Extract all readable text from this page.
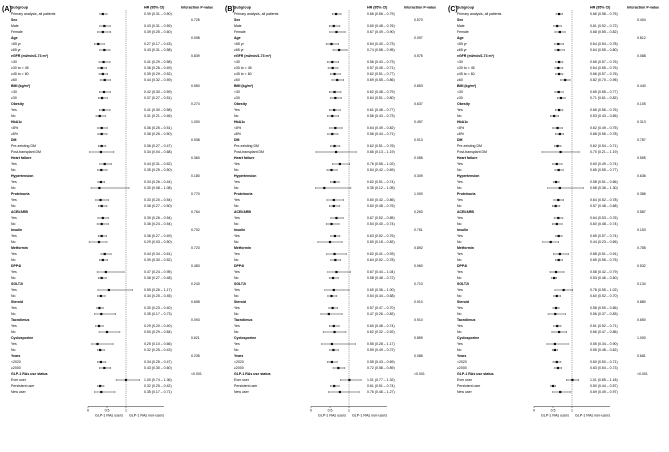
(A) Subgroup	HR (95% CI)	Interaction P-value
Primary analysis, all patients	0.39 (0.31 – 0.50)
Sex	0.725
Male	0.43 (0.31 – 0.59)
Female	0.39 (0.25 – 0.60)
Age	0.098
<65 yr	0.27 (0.17 – 0.43)
≥65 yr	0.43 (0.31 – 0.58)
eGFR (ml/min/1.73 m²)	0.839
<30	0.41 (0.29 – 0.58)
≥30 to < 45	0.36 (0.26 – 0.49)
≥45 to < 60	0.39 (0.29 – 0.52)
≥60	0.44 (0.32 – 0.59)
BMI (kg/m²)	0.550
<30	0.42 (0.30 – 0.59)
≥30	0.37 (0.27 – 0.51)
Obesity	0.274
Yes	0.41 (0.30 – 0.58)
No	0.31 (0.21 – 0.46)
HbA1c	1.000
<8%	0.36 (0.25 – 0.51)
≥8%	0.36 (0.26 – 0.50)
DM	0.938
Pre-existing DM	0.36 (0.27 – 0.47)
Post-transplant DM	0.34 (0.04 – 0.68)
Heart failure	0.360
Yes	0.44 (0.31 – 0.62)
No	0.35 (0.25 – 0.50)
Hypertension	0.180
Yes	0.34 (0.26 – 0.44)
No	0.30 (0.08 – 1.08)
Proteinuria	0.770
Yes	0.33 (0.20 – 0.54)
No	0.36 (0.27 – 0.50)
ACEI/ARB	0.764
Yes	0.39 (0.26 – 0.54)
No	0.36 (0.24 – 0.54)
Insulin	0.702
Yes	0.36 (0.27 – 0.49)
No	0.29 (0.03 – 0.50)
Metformin	0.723
Yes	0.44 (0.34 – 0.61)
No	0.39 (0.30 – 0.52)
DPP4i	0.483
Yes	0.47 (0.24 – 0.95)
No	0.36 (0.27 – 0.48)
SGLT2i	0.243
Yes	0.55 (0.26 – 1.17)
No	0.34 (0.25 – 0.45)
Steroid	0.698
Yes	0.30 (0.23 – 0.40)
No	0.35 (0.17 – 0.73)
Tacrolimus	0.093
Yes	0.29 (0.20 – 0.40)
No	0.50 (0.29 – 0.84)
Cyclosporine	0.621
Yes	0.25 (0.10 – 0.66)
No	0.32 (0.25 – 0.43)
Years	0.235
<2020	0.34 (0.25 – 0.47)
≥2000	0.43 (0.30 – 0.60)
GLP-1 RAs use status	<0.001
Ever user	1.00 (0.74 – 1.36)
Persistent user	0.32 (0.25 – 0.42)
New user	0.35 (0.17 – 0.71)
0	0.5	1
GLP-1 RAs users GLP-1 RAs non-users
(B) Subgroup	HR (95% CI)	Interaction P-value
Primary analysis, all patients	0.66 (0.56 – 0.79)
Sex	0.570
Male	0.60 (0.48 – 0.76)
Female	0.67 (0.49 – 0.90)
Age	0.097
<65 yr	0.54 (0.40 – 0.73)
≥65 yr	0.74 (0.58 – 0.95)
eGFR (ml/min/1.73 m²)	0.575
<30	0.56 (0.43 – 0.73)
≥30 to < 45	0.57 (0.45 – 0.71)
≥45 to < 60	0.62 (0.51 – 0.77)
≥60	0.69 (0.55 – 0.86)
BMI (kg/m²)	0.853
<30	0.62 (0.48 – 0.79)
≥30	0.64 (0.51 – 0.80)
Obesity	0.637
Yes	0.61 (0.48 – 0.77)
No	0.56 (0.43 – 0.73)
HbA1c	0.457
<8%	0.64 (0.49 – 0.82)
≥8%	0.56 (0.44 – 0.71)
DM	0.913
Pre-existing DM	0.62 (0.51 – 0.76)
Post-transplant DM	0.66 (0.13 – 1.19)
Heart failure	0.085
Yes	0.76 (0.56 – 1.02)
No	0.54 (0.42 – 0.69)
Hypertension	0.309
Yes	0.62 (0.51 – 0.74)
No	0.35 (0.12 – 1.05)
Proteinuria	1.000
Yes	0.60 (0.42 – 0.86)
No	0.60 (0.48 – 0.76)
ACEI/ARB	0.263
Yes	0.67 (0.52 – 0.85)
No	0.54 (0.40 – 0.74)
Insulin	0.761
Yes	0.63 (0.52 – 0.76)
No	0.50 (0.18 – 0.82)
Metformin	0.892
Yes	0.62 (0.41 – 0.93)
No	0.64 (0.52 – 0.78)
DPP4i	0.960
Yes	0.67 (0.44 – 1.04)
No	0.58 (0.48 – 0.72)
SGLT2i	0.710
Yes	0.60 (0.36 – 1.00)
No	0.54 (0.44 – 0.68)
Steroid	0.910
Yes	0.57 (0.47 – 0.70)
No	0.47 (0.26 – 0.82)
Tacrolimus	0.910
Yes	0.60 (0.48 – 0.74)
No	0.62 (0.32 – 0.92)
Cyclosporine	0.859
Yes	0.55 (0.28 – 1.17)
No	0.59 (0.49 – 0.72)
Years	0.086
<2020	0.55 (0.43 – 0.69)
≥2000	0.72 (0.58 – 0.89)
GLP-1 RAs use status	<0.001
Ever user	1.01 (0.77 – 1.32)
Persistent user	0.61 (0.51 – 0.74)
New user	0.76 (0.46 – 1.27)
0	0.5	1
GLP-1 RAs users GLP-1 RAs non-users
(C) Subgroup	HR (95% CI)	Interaction P-value
Primary analysis, all patients	0.66 (0.58 – 0.75)
Sex	0.404
Male	0.61 (0.52 – 0.72)
Female	0.68 (0.55 – 0.82)
Age	0.812
<65 yr	0.64 (0.54 – 0.78)
≥65 yr	0.64 (0.55 – 0.80)
eGFR (ml/min/1.73 m²)	0.088
<30	0.66 (0.57 – 0.76)
≥30 to < 45	0.64 (0.55 – 0.76)
≥45 to < 60	0.66 (0.57 – 0.76)
≥60	0.82 (0.70 – 0.95)
BMI (kg/m²)	0.440
<30	0.65 (0.55 – 0.77)
≥30	0.71 (0.61 – 0.82)
Obesity	0.105
Yes	0.66 (0.56 – 0.76)
No	0.53 (0.43 – 0.65)
HbA1c	0.313
<8%	0.62 (0.49 – 0.75)
≥8%	0.68 (0.56 – 0.78)
DM	0.787
Pre-existing DM	0.62 (0.54 – 0.71)
Post-transplant DM	0.70 (0.21 – 1.19)
Heart failure	0.555
Yes	0.60 (0.49 – 0.74)
No	0.65 (0.55 – 0.77)
Hypertension	0.636
Yes	0.58 (0.51 – 0.66)
No	0.68 (0.36 – 1.30)
Proteinuria	0.386
Yes	0.64 (0.52 – 0.78)
No	0.57 (0.48 – 0.68)
ACEI/ARB	0.587
Yes	0.64 (0.53 – 0.76)
No	0.60 (0.48 – 0.74)
Insulin	0.153
Yes	0.65 (0.57 – 0.74)
No	0.44 (0.23 – 0.65)
Metformin	0.785
Yes	0.68 (0.51 – 0.91)
No	0.65 (0.56 – 0.75)
DPP4i	0.532
Yes	0.58 (0.42 – 0.79)
No	0.53 (0.46 – 0.60)
SGLT2i	0.134
Yes	0.78 (0.55 – 1.02)
No	0.60 (0.52 – 0.70)
Steroid	0.880
Yes	0.58 (0.50 – 0.66)
No	0.56 (0.37 – 0.83)
Tacrolimus	0.650
Yes	0.61 (0.52 – 0.71)
No	0.66 (0.47 – 0.86)
Cyclosporine	1.000
Yes	0.55 (0.34 – 0.90)
No	0.55 (0.48 – 0.62)
Years	0.681
<2020	0.60 (0.50 – 0.71)
≥2000	0.63 (0.54 – 0.73)
GLP-1 RAs use status	<0.001
Ever user	1.01 (0.85 – 1.18)
Persistent user	0.50 (0.44 – 0.57)
New user	0.69 (0.49 – 0.97)
0	0.5	1
GLP-1 RAs users GLP-1 RAs non-users
